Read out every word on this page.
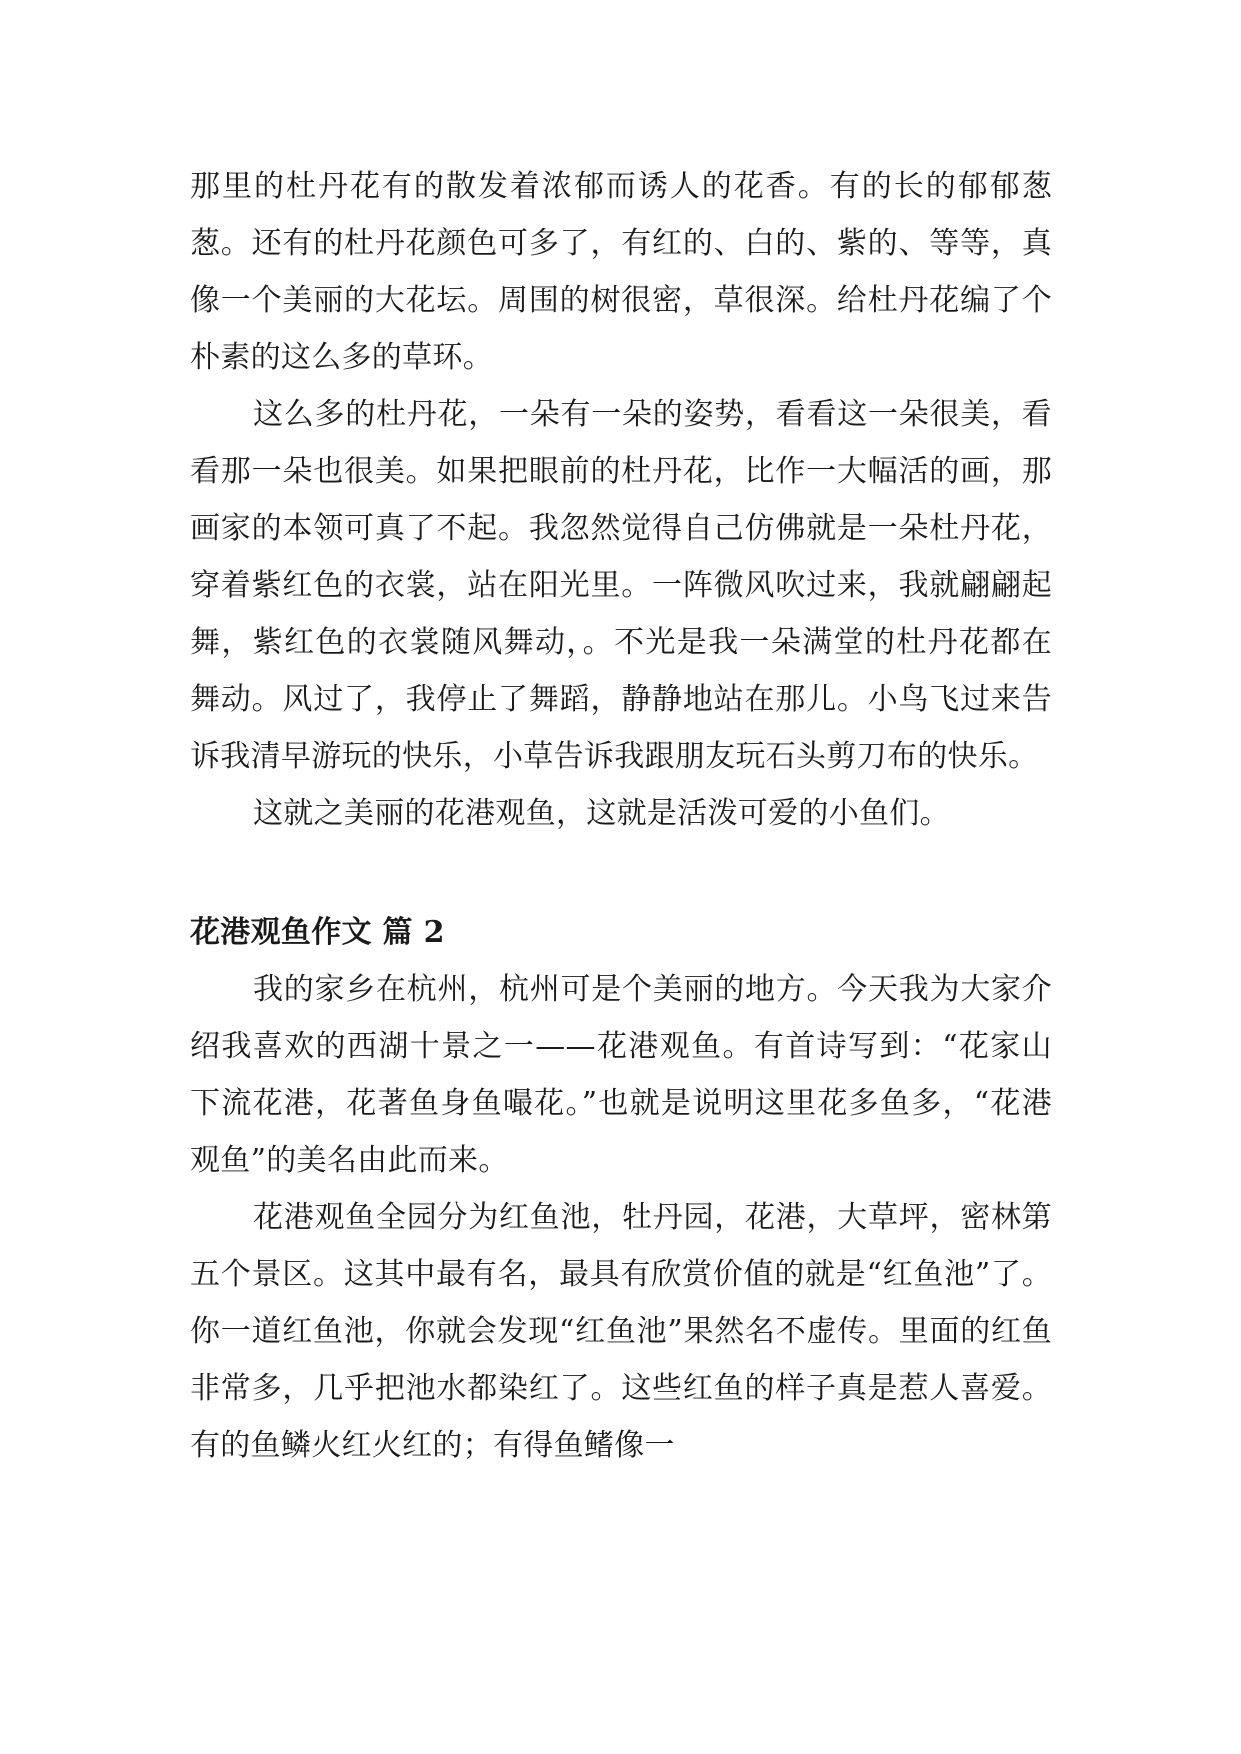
那里的杜丹花有的散发着浓郁而诱人的花香。有的长的郁郁葱葱。还有的杜丹花颜色可多了，有红的、白的、紫的、等等，真像一个美丽的大花坛。周围的树很密，草很深。给杜丹花编了个朴素的这么多的草环。

这么多的杜丹花，一朵有一朵的姿势，看看这一朵很美，看看那一朵也很美。如果把眼前的杜丹花，比作一大幅活的画，那画家的本领可真了不起。我忽然觉得自己仿佛就是一朵杜丹花，穿着紫红色的衣裳，站在阳光里。一阵微风吹过来，我就翩翩起舞，紫红色的衣裳随风舞动，。不光是我一朵满堂的杜丹花都在舞动。风过了，我停止了舞蹈，静静地站在那儿。小鸟飞过来告诉我清早游玩的快乐，小草告诉我跟朋友玩石头剪刀布的快乐。

这就之美丽的花港观鱼，这就是活泼可爱的小鱼们。

花港观鱼作文 篇 2

我的家乡在杭州，杭州可是个美丽的地方。今天我为大家介绍我喜欢的西湖十景之一——花港观鱼。有首诗写到：“花家山下流花港，花著鱼身鱼嘬花。”也就是说明这里花多鱼多，“花港观鱼”的美名由此而来。

花港观鱼全园分为红鱼池，牡丹园，花港，大草坪，密林第五个景区。这其中最有名，最具有欣赏价值的就是“红鱼池”了。你一道红鱼池，你就会发现“红鱼池”果然名不虚传。里面的红鱼非常多，几乎把池水都染红了。这些红鱼的样子真是惹人喜爱。有的鱼鳞火红火红的；有得鱼鳍像一
